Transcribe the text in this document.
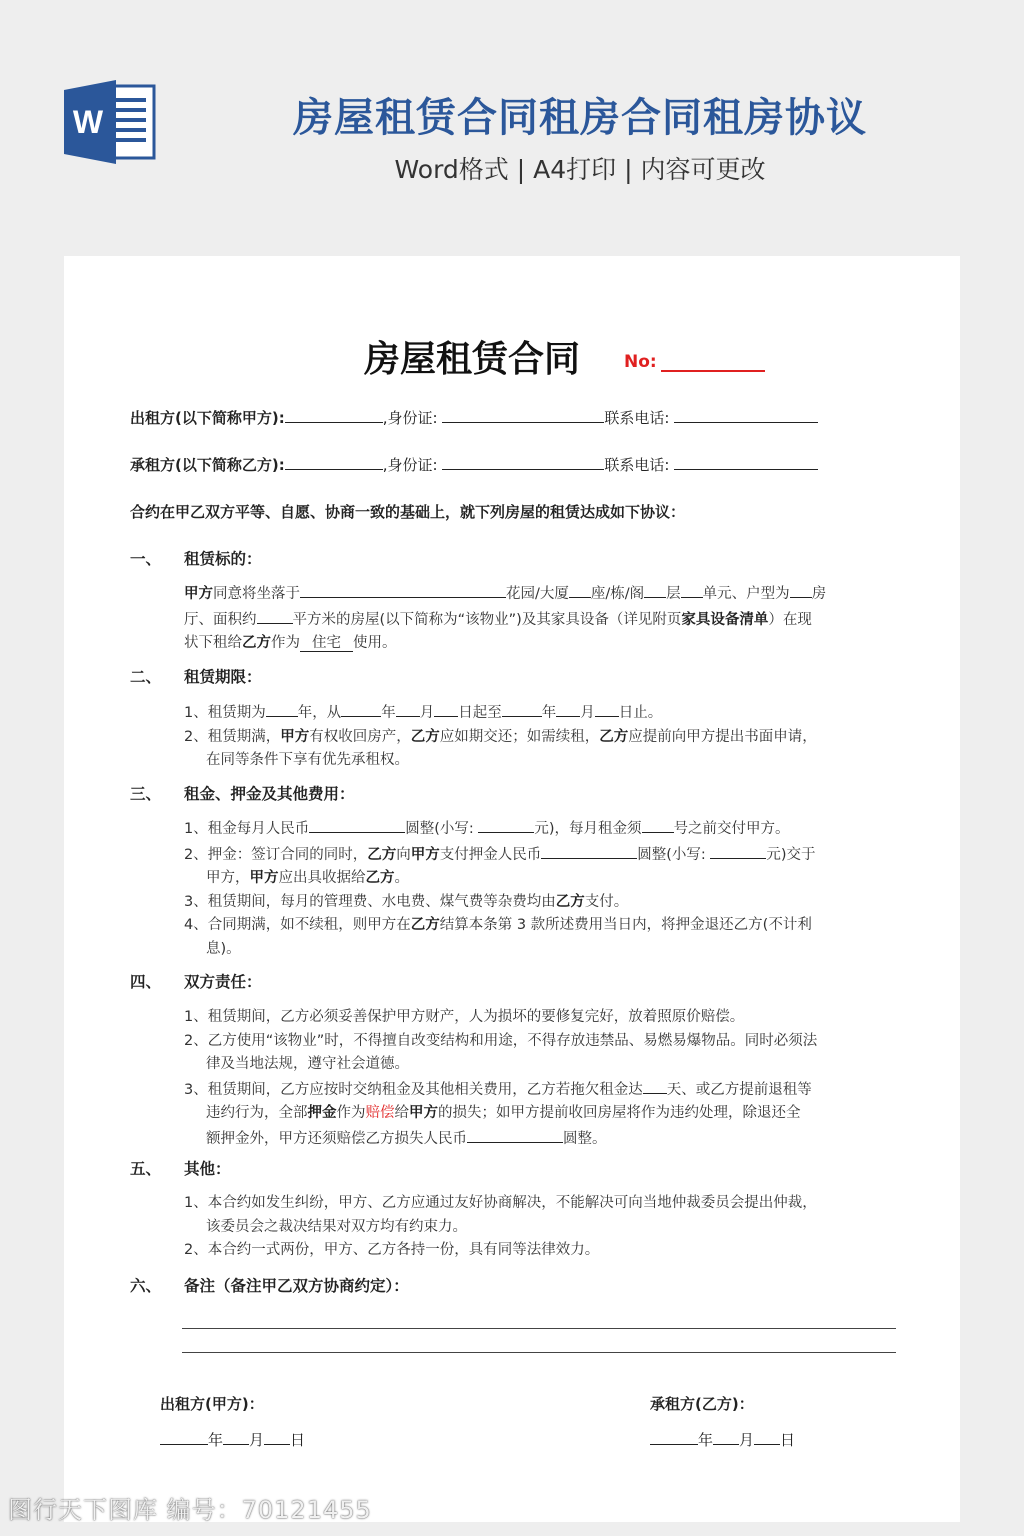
W	房屋租赁合同租房合同租房协议
Word格式 | A4打印 | 内容可更改
房屋租赁合同	No:
出租方(以下简称甲方):	,身份证:	联系电话:
承租方(以下简称乙方):	,身份证:	联系电话:
合约在甲乙双方平等、自愿、协商一致的基础上，就下列房屋的租赁达成如下协议：
一、 租赁标的：

甲方同意将坐落于	花园/大厦 座/栋/阁 层 单元、户型为 房

厅、面积约 平方米的房屋(以下简称为“该物业”)及其家具设备（详见附页家具设备清单）在现

状下租给乙方作为 住宅 使用。

二、 租赁期限：

1、租赁期为 年，从	年 月 日起至	年 月 日止。

2、租赁期满，甲方有权收回房产，乙方应如期交还；如需续租，乙方应提前向甲方提出书面申请，
在同等条件下享有优先承租权。

三、 租金、押金及其他费用：

1、租金每月人民币	圆整(小写:	元)，每月租金须 号之前交付甲方。

2、押金：签订合同的同时，乙方向甲方支付押金人民币	圆整(小写:	元)交于
甲方，甲方应出具收据给乙方。

3、租赁期间，每月的管理费、水电费、煤气费等杂费均由乙方支付。

4、合同期满，如不续租，则甲方在乙方结算本条第 3 款所述费用当日内，将押金退还乙方(不计利
息)。

四、 双方责任：

1、租赁期间，乙方必须妥善保护甲方财产，人为损坏的要修复完好，放着照原价赔偿。

2、乙方使用“该物业”时，不得擅自改变结构和用途，不得存放违禁品、易燃易爆物品。同时必须法
律及当地法规，遵守社会道德。

3、租赁期间，乙方应按时交纳租金及其他相关费用，乙方若拖欠租金达 天、或乙方提前退租等
违约行为，全部押金作为赔偿给甲方的损失；如甲方提前收回房屋将作为违约处理，除退还全
额押金外，甲方还须赔偿乙方损失人民币	圆整。

五、 其他：

1、本合约如发生纠纷，甲方、乙方应通过友好协商解决，不能解决可向当地仲裁委员会提出仲裁，
该委员会之裁决结果对双方均有约束力。

2、本合约一式两份，甲方、乙方各持一份，具有同等法律效力。

六、 备注（备注甲乙双方协商约定）：
出租方(甲方)：	承租方(乙方)：
年 月 日	年 月 日
图行天下图库 编号：70121455
